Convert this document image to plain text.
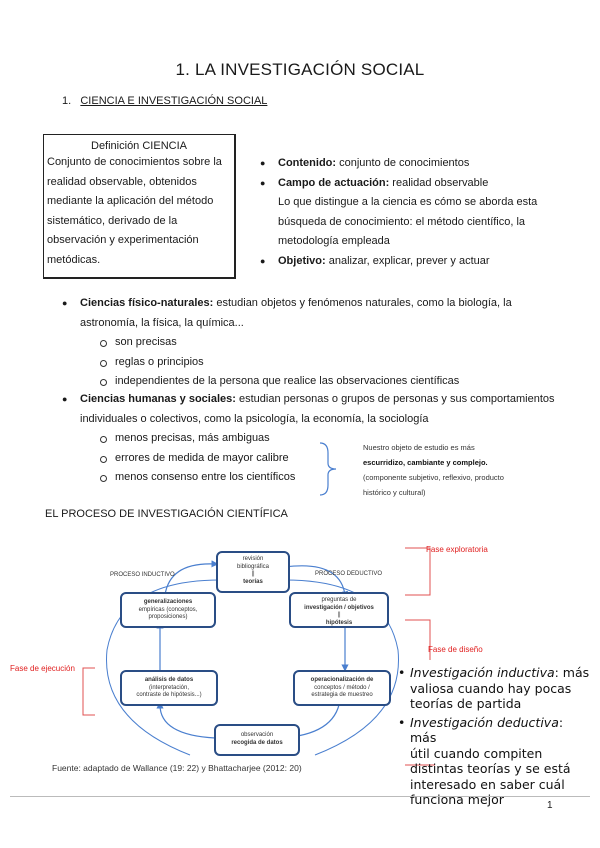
1. LA INVESTIGACIÓN SOCIAL
1. CIENCIA E INVESTIGACIÓN SOCIAL
Definición CIENCIA
Conjunto de conocimientos sobre la
realidad observable, obtenidos
mediante la aplicación del método
sistemático, derivado de la
observación y experimentación
metódicas.
● Contenido: conjunto de conocimientos
● Campo de actuación: realidad observable
Lo que distingue a la ciencia es cómo se aborda esta
búsqueda de conocimiento: el método científico, la
metodología empleada
● Objetivo: analizar, explicar, prever y actuar
● Ciencias físico-naturales: estudian objetos y fenómenos naturales, como la biología, la
astronomía, la física, la química...
son precisas
reglas o principios
independientes de la persona que realice las observaciones científicas
● Ciencias humanas y sociales: estudian personas o grupos de personas y sus comportamientos
individuales o colectivos, como la psicología, la economía, la sociología
menos precisas, más ambiguas
errores de medida de mayor calibre
menos consenso entre los científicos
Nuestro objeto de estudio es más
escurridizo, cambiante y complejo.
(componente subjetivo, reflexivo, producto
histórico y cultural)
EL PROCESO DE INVESTIGACIÓN CIENTÍFICA
PROCESO INDUCTIVO	PROCESO DEDUCTIVO
revisión
bibliográfica
||
teorías
preguntas de
investigación / objetivos
||
hipótesis
operacionalización de
conceptos / método /
estrategia de muestreo
observación
recogida de datos
análisis de datos
(interpretación,
contraste de hipótesis...)
generalizaciones
empíricas (conceptos,
proposiciones)
Fuente: adaptado de Wallance (19: 22) y Bhattacharjee (2012: 20)
Fase exploratoria
Fase de diseño
Fase de ejecución	• Investigación inductiva: más
valiosa cuando hay pocas
teorías de partida
• Investigación deductiva: más
útil cuando compiten
distintas teorías y se está
interesado en saber cuál
funciona mejor	1
